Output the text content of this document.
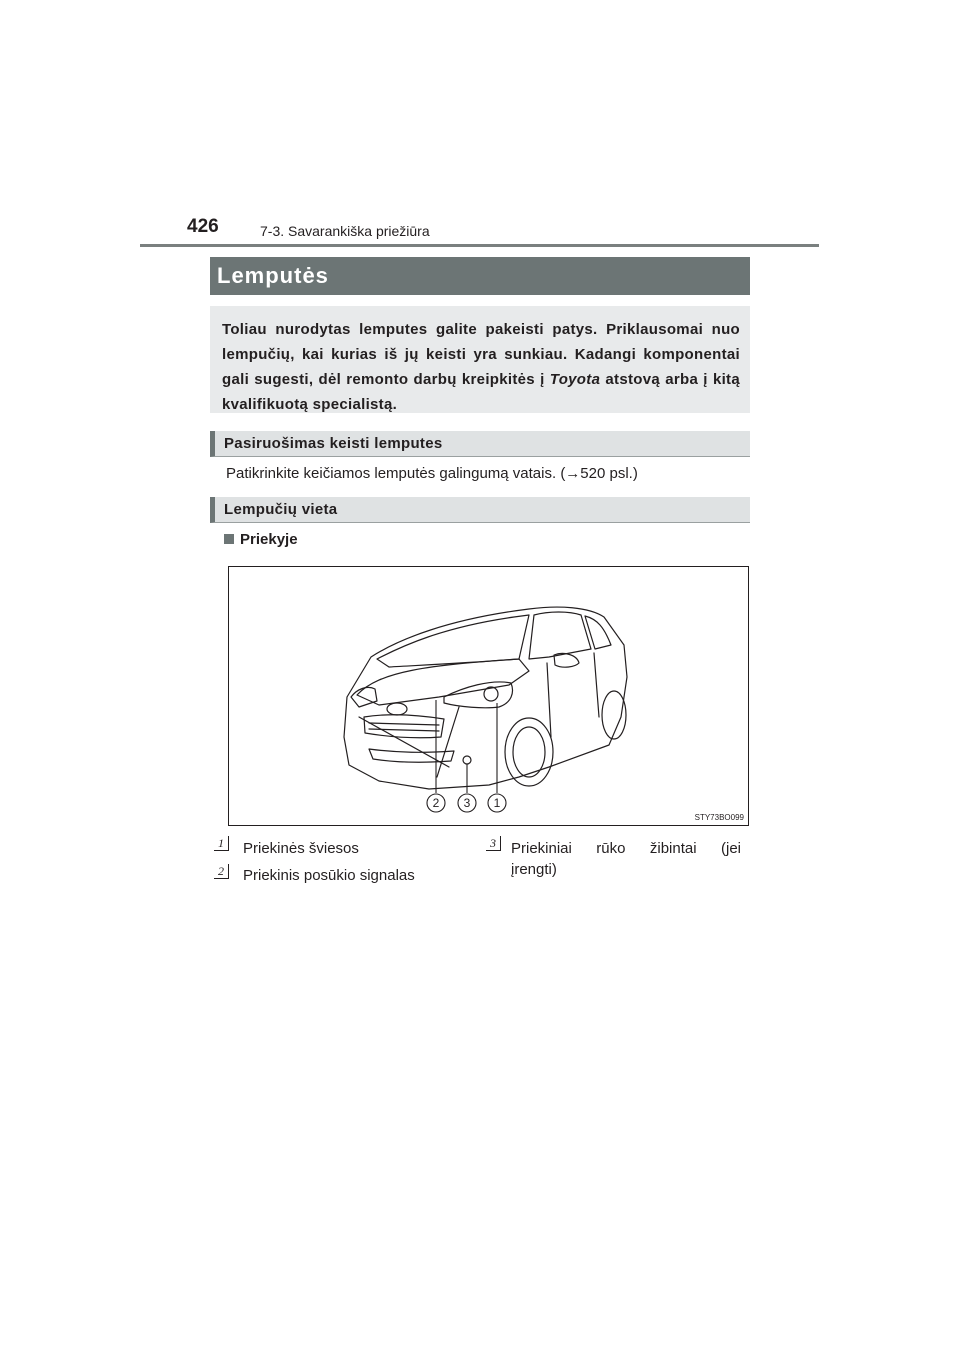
426	7-3. Savarankiška priežiūra
Lemputės

Toliau nurodytas lemputes galite pakeisti patys. Priklausomai nuo lempučių, kai kurias iš jų keisti yra sunkiau. Kadangi komponentai gali sugesti, dėl remonto darbų kreipkitės į Toyota atstovą arba į kitą kvalifikuotą specialistą.

Pasiruošimas keisti lemputes
Patikrinkite keičiamos lemputės galingumą vatais. (→520 psl.)
Lempučių vieta
Priekyje
2 3 1
STY73BO099
1	Priekinės šviesos
2	Priekinis posūkio signalas
3	Priekiniai rūko žibintai (jei
įrengti)
